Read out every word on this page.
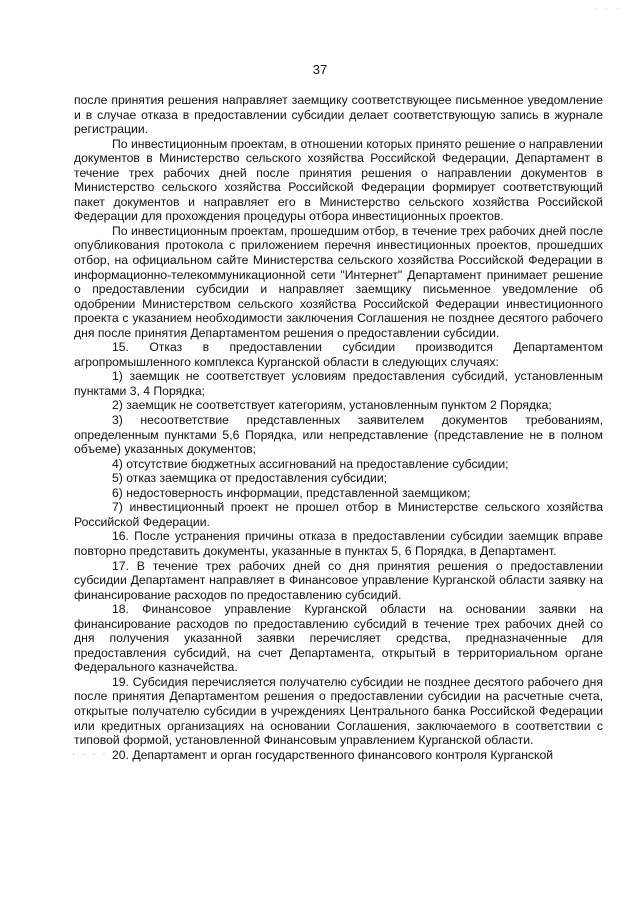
· · ·
37

после принятия решения направляет заемщику соответствующее письменное уведомление и в случае отказа в предоставлении субсидии делает соответствующую запись в журнале регистрации.

По инвестиционным проектам, в отношении которых принято решение о направлении документов в Министерство сельского хозяйства Российской Федерации, Департамент в течение трех рабочих дней после принятия решения о направлении документов в Министерство сельского хозяйства Российской Федерации формирует соответствующий пакет документов и направляет его в Министерство сельского хозяйства Российской Федерации для прохождения процедуры отбора инвестиционных проектов.

По инвестиционным проектам, прошедшим отбор, в течение трех рабочих дней после опубликования протокола с приложением перечня инвестиционных проектов, прошедших отбор, на официальном сайте Министерства сельского хозяйства Российской Федерации в информационно-телекоммуникационной сети "Интернет" Департамент принимает решение о предоставлении субсидии и направляет заемщику письменное уведомление об одобрении Министерством сельского хозяйства Российской Федерации инвестиционного проекта с указанием необходимости заключения Соглашения не позднее десятого рабочего дня после принятия Департаментом решения о предоставлении субсидии.

15. Отказ в предоставлении субсидии производится Департаментом агропромышленного комплекса Курганской области в следующих случаях:

1) заемщик не соответствует условиям предоставления субсидий, установленным пунктами 3, 4 Порядка;

2) заемщик не соответствует категориям, установленным пунктом 2 Порядка;

3) несоответствие представленных заявителем документов требованиям, определенным пунктами 5,6 Порядка, или непредставление (представление не в полном объеме) указанных документов;

4) отсутствие бюджетных ассигнований на предоставление субсидии;

5) отказ заемщика от предоставления субсидии;

6) недостоверность информации, представленной заемщиком;

7) инвестиционный проект не прошел отбор в Министерстве сельского хозяйства Российской Федерации.

16. После устранения причины отказа в предоставлении субсидии заемщик вправе повторно представить документы, указанные в пунктах 5, 6 Порядка, в Департамент.

17. В течение трех рабочих дней со дня принятия решения о предоставлении субсидии Департамент направляет в Финансовое управление Курганской области заявку на финансирование расходов по предоставлению субсидий.

18. Финансовое управление Курганской области на основании заявки на финансирование расходов по предоставлению субсидий в течение трех рабочих дней со дня получения указанной заявки перечисляет средства, предназначенные для предоставления субсидий, на счет Департамента, открытый в территориальном органе Федерального казначейства.

19. Субсидия перечисляется получателю субсидии не позднее десятого рабочего дня после принятия Департаментом решения о предоставлении субсидии на расчетные счета, открытые получателю субсидии в учреждениях Центрального банка Российской Федерации или кредитных организациях на основании Соглашения, заключаемого в соответствии с типовой формой, установленной Финансовым управлением Курганской области.

· · · · 20. Департамент и орган государственного финансового контроля Курганской
